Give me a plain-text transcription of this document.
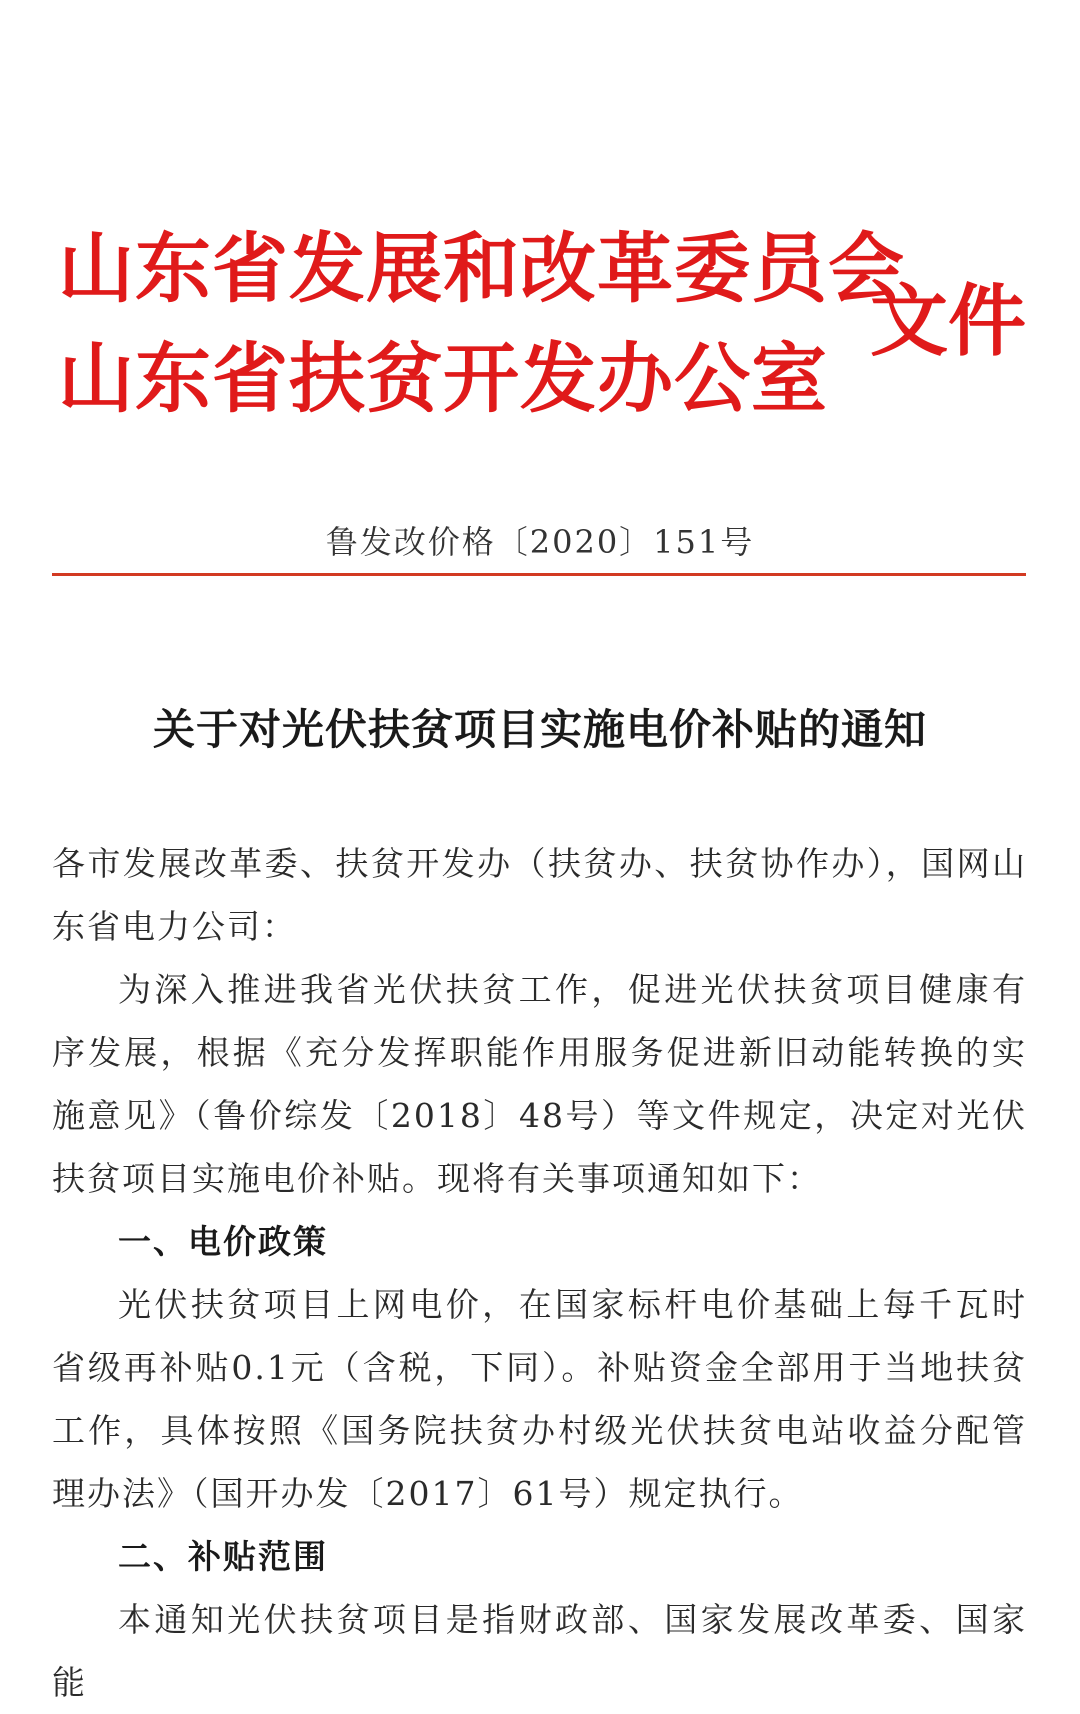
山东省发展和改革委员会
山东省扶贫开发办公室
文件
鲁发改价格〔2020〕151号
关于对光伏扶贫项目实施电价补贴的通知

各市发展改革委、扶贫开发办（扶贫办、扶贫协作办），国网山东省电力公司：

为深入推进我省光伏扶贫工作，促进光伏扶贫项目健康有序发展，根据《充分发挥职能作用服务促进新旧动能转换的实施意见》（鲁价综发〔2018〕48号）等文件规定，决定对光伏扶贫项目实施电价补贴。现将有关事项通知如下：

一、电价政策

光伏扶贫项目上网电价，在国家标杆电价基础上每千瓦时省级再补贴0.1元（含税，下同）。补贴资金全部用于当地扶贫工作，具体按照《国务院扶贫办村级光伏扶贫电站收益分配管理办法》（国开办发〔2017〕61号）规定执行。

二、补贴范围

本通知光伏扶贫项目是指财政部、国家发展改革委、国家能
